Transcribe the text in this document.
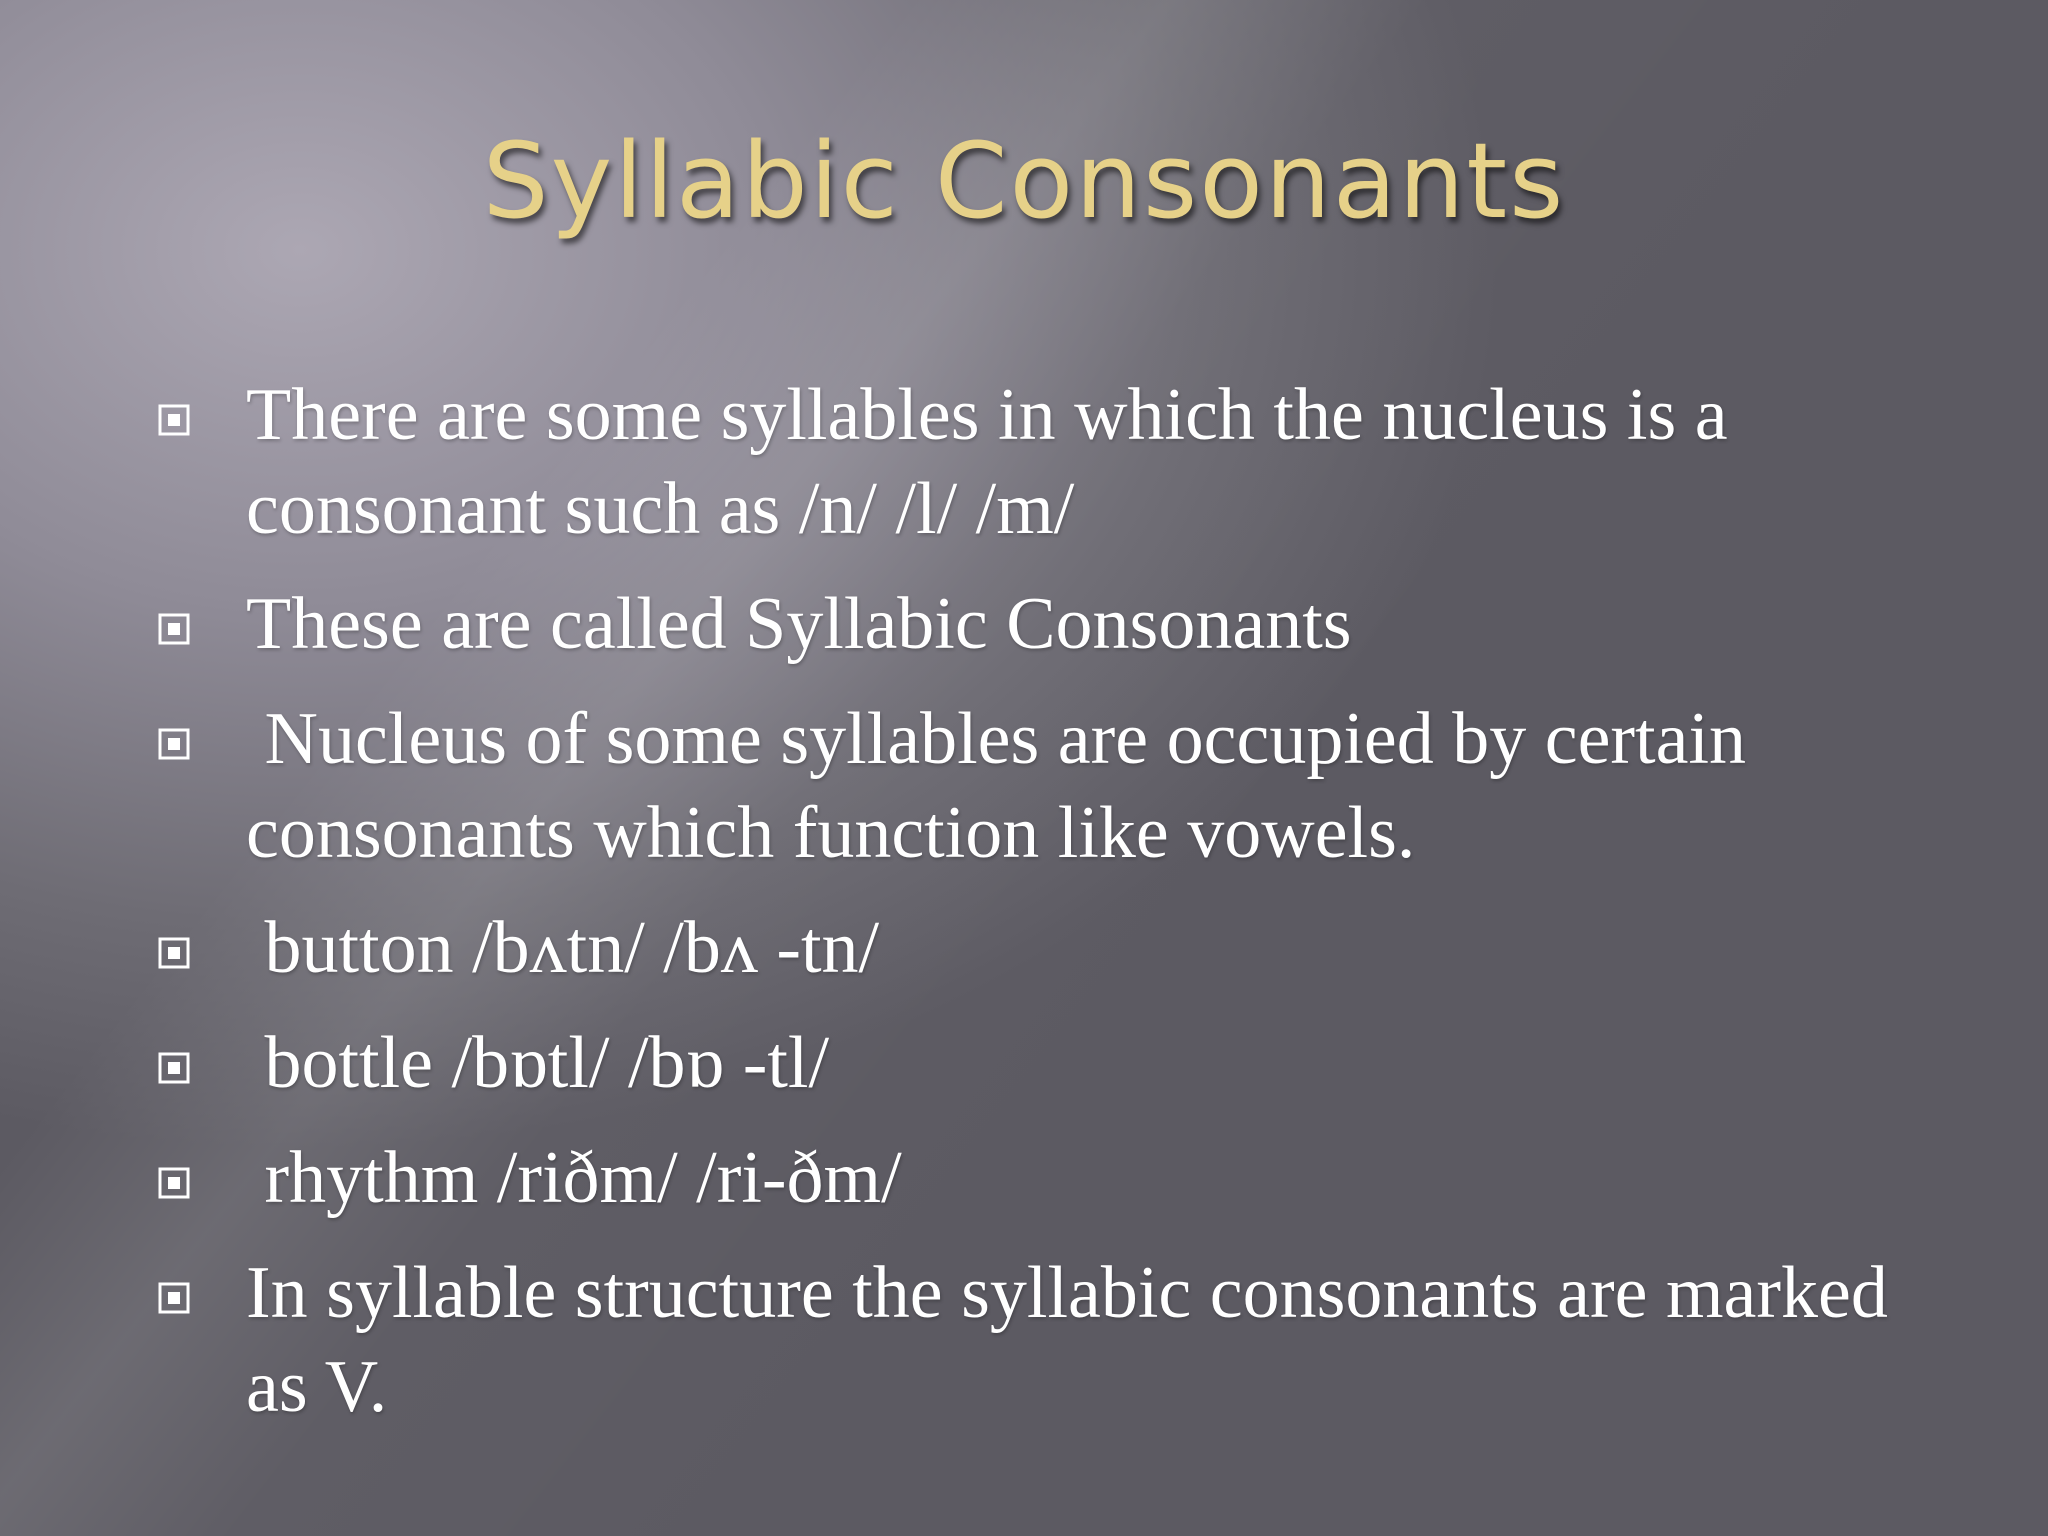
Syllabic Consonants
There are some syllables in which the nucleus is a consonant such as /n/ /l/ /m/
These are called Syllabic Consonants
Nucleus of some syllables are occupied by certain consonants which function like vowels.
button /bʌtn/ /bʌ -tn/
bottle /bɒtl/ /bɒ -tl/
rhythm /riðm/ /ri-ðm/
In syllable structure the syllabic consonants are marked as V.
